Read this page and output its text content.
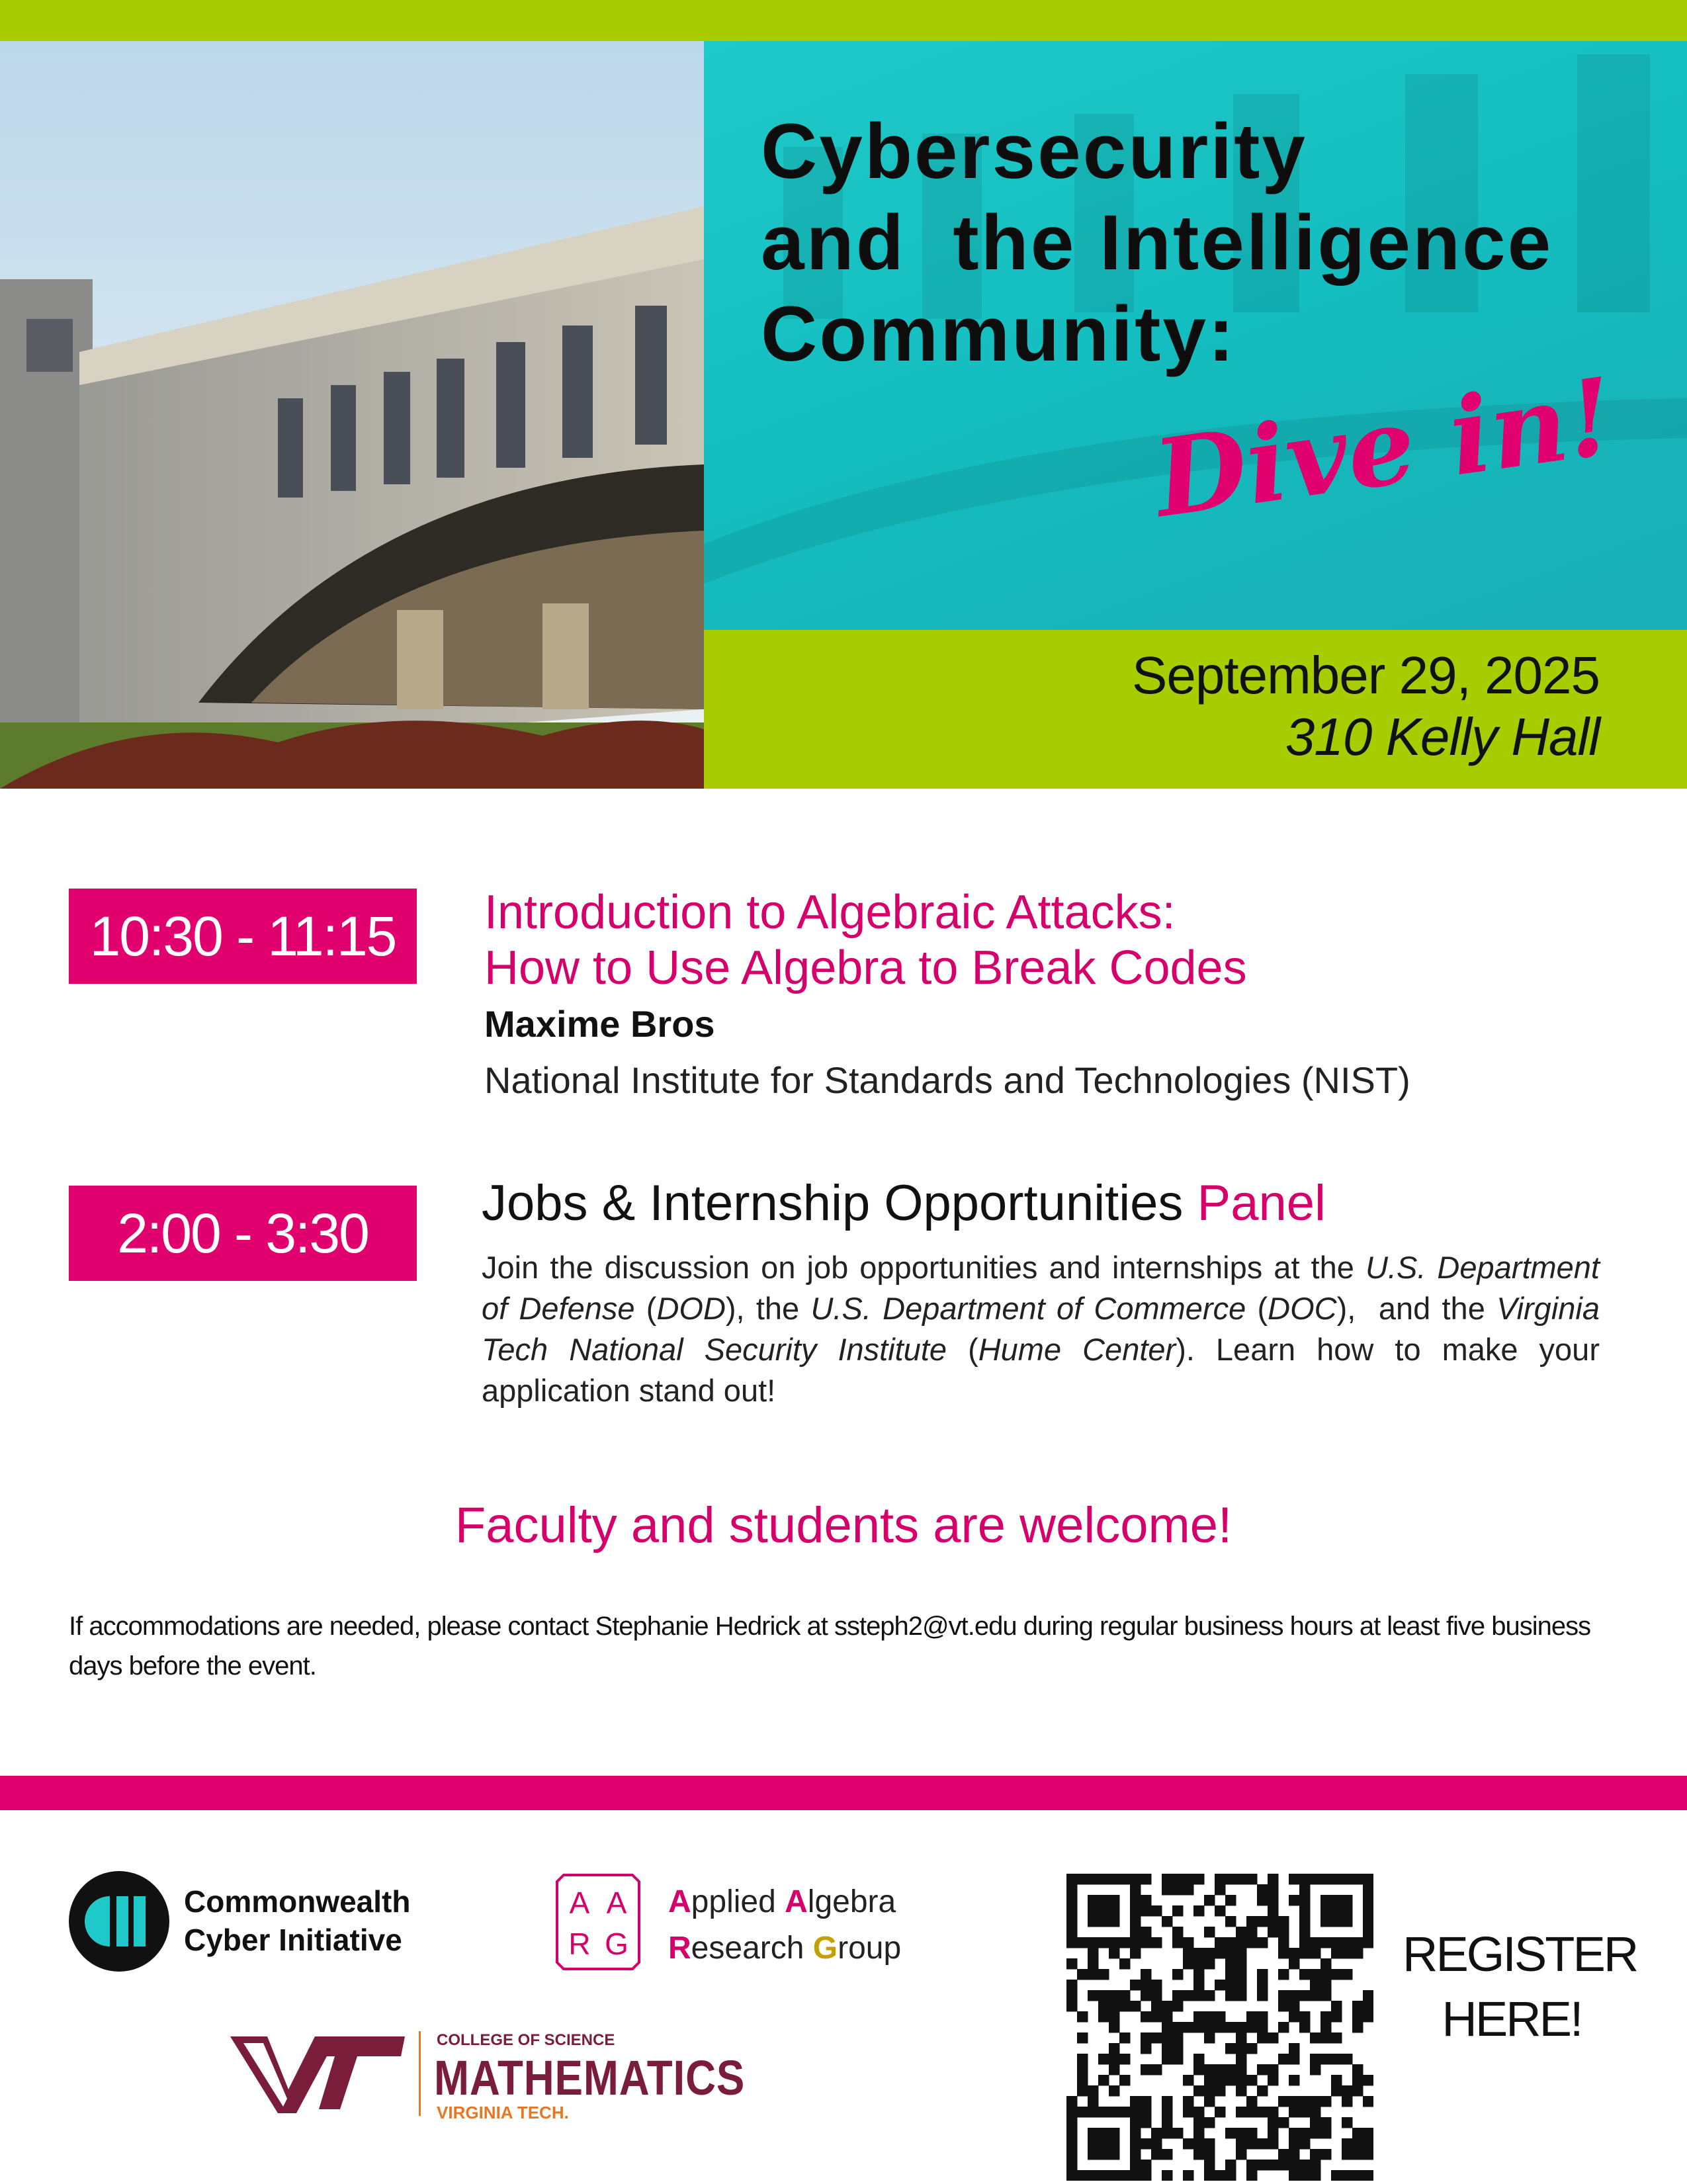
Cybersecurity
and  the Intelligence
Community:
Dive in!
September 29, 2025
310 Kelly Hall
10:30 - 11:15	Introduction to Algebraic Attacks:
How to Use Algebra to Break Codes
Maxime Bros
National Institute for Standards and Technologies (NIST)
2:00 - 3:30	Jobs & Internship Opportunities Panel
Join the discussion on job opportunities and internships at the U.S. Department of Defense (DOD), the U.S. Department of Commerce (DOC),  and the Virginia Tech National Security Institute (Hume Center). Learn how to make your application stand out!
Faculty and students are welcome!
If accommodations are needed, please contact Stephanie Hedrick at ssteph2@vt.edu during regular business hours at least five business days before the event.
Commonwealth
Cyber Initiative
A A
R G
Applied Algebra
Research Group
COLLEGE OF SCIENCE
MATHEMATICS
VIRGINIA TECH.
REGISTER
HERE!
